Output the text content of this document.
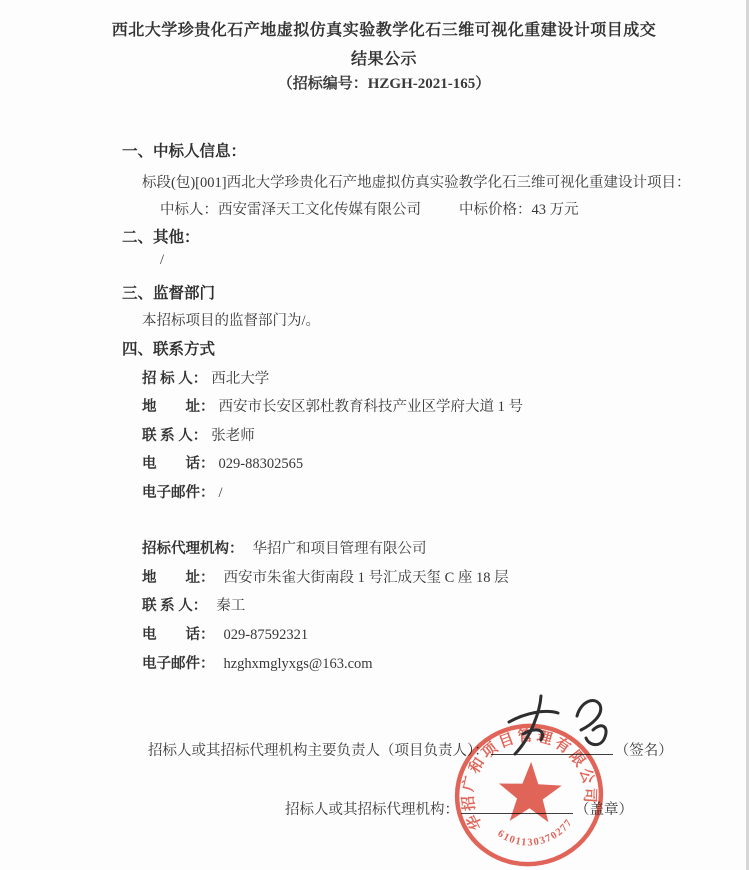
西北大学珍贵化石产地虚拟仿真实验教学化石三维可视化重建设计项目成交结果公示
（招标编号：HZGH-2021-165）
一、中标人信息：
标段(包)[001]西北大学珍贵化石产地虚拟仿真实验教学化石三维可视化重建设计项目：
中标人：西安雷泽天工文化传媒有限公司	中标价格：43 万元
二、其他：
/
三、监督部门
本招标项目的监督部门为/。
四、联系方式
招 标 人： 西北大学
地　　址： 西安市长安区郭杜教育科技产业区学府大道 1 号
联 系 人： 张老师
电　　话： 029-88302565
电子邮件： /
招标代理机构： 华招广和项目管理有限公司
地　　址： 西安市朱雀大街南段 1 号汇成天玺 C 座 18 层
联 系 人： 秦工
电　　话： 029-87592321
电子邮件： hzghxmglyxgs@163.com
招标人或其招标代理机构主要负责人（项目负责人）：	（签名）
招标人或其招标代理机构：	（盖章）
华招广和项目管理有限公司
6101130370277
